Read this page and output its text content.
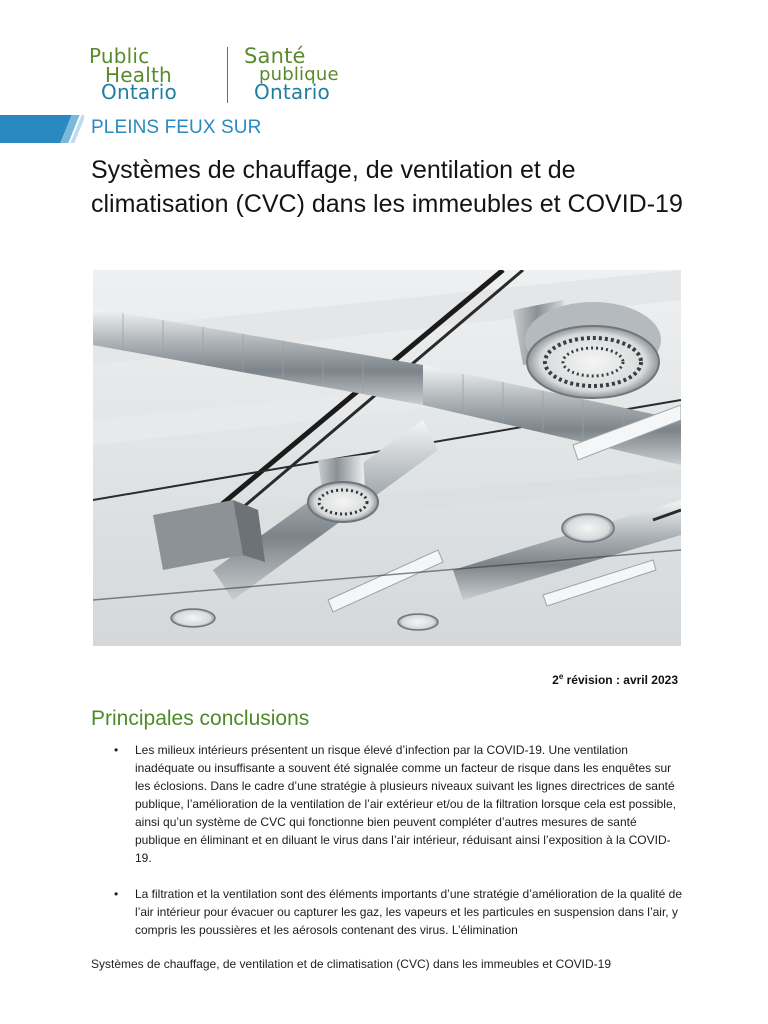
Public
Health
Ontario
Santé
publique
Ontario
PLEINS FEUX SUR
Systèmes de chauffage, de ventilation et de climatisation (CVC) dans les immeubles et COVID-19
2e révision : avril 2023
Principales conclusions
• Les milieux intérieurs présentent un risque élevé d’infection par la COVID-19. Une ventilation inadéquate ou insuffisante a souvent été signalée comme un facteur de risque dans les enquêtes sur les éclosions. Dans le cadre d’une stratégie à plusieurs niveaux suivant les lignes directrices de santé publique, l’amélioration de la ventilation de l’air extérieur et/ou de la filtration lorsque cela est possible, ainsi qu’un système de CVC qui fonctionne bien peuvent compléter d’autres mesures de santé publique en éliminant et en diluant le virus dans l’air intérieur, réduisant ainsi l’exposition à la COVID-19.
• La filtration et la ventilation sont des éléments importants d’une stratégie d’amélioration de la qualité de l’air intérieur pour évacuer ou capturer les gaz, les vapeurs et les particules en suspension dans l’air, y compris les poussières et les aérosols contenant des virus. L’élimination
Systèmes de chauffage, de ventilation et de climatisation (CVC) dans les immeubles et COVID-19
